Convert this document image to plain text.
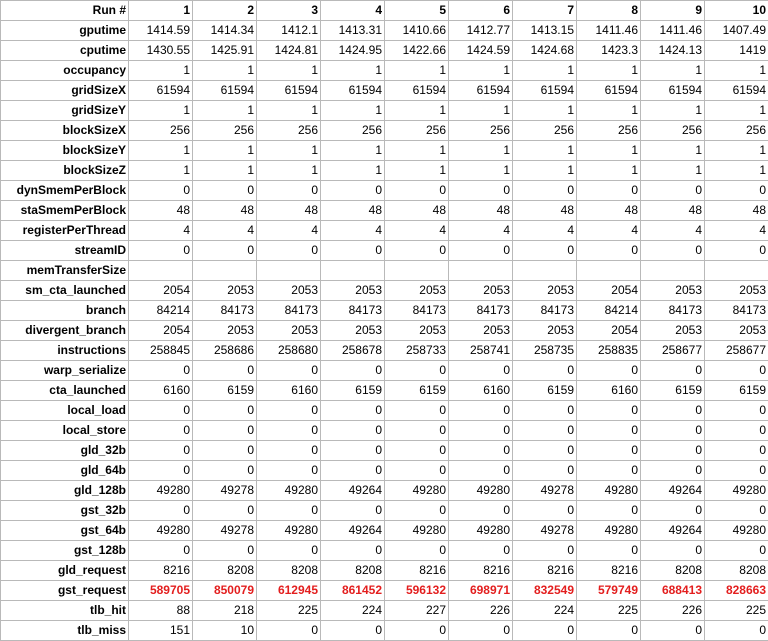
Run #	1	2	3	4	5	6	7	8	9	10
gputime	1414.59	1414.34	1412.1	1413.31	1410.66	1412.77	1413.15	1411.46	1411.46	1407.49
cputime	1430.55	1425.91	1424.81	1424.95	1422.66	1424.59	1424.68	1423.3	1424.13	1419
occupancy	1	1	1	1	1	1	1	1	1	1
gridSizeX	61594	61594	61594	61594	61594	61594	61594	61594	61594	61594
gridSizeY	1	1	1	1	1	1	1	1	1	1
blockSizeX	256	256	256	256	256	256	256	256	256	256
blockSizeY	1	1	1	1	1	1	1	1	1	1
blockSizeZ	1	1	1	1	1	1	1	1	1	1
dynSmemPerBlock	0	0	0	0	0	0	0	0	0	0
staSmemPerBlock	48	48	48	48	48	48	48	48	48	48
registerPerThread	4	4	4	4	4	4	4	4	4	4
streamID	0	0	0	0	0	0	0	0	0	0
memTransferSize										
sm_cta_launched	2054	2053	2053	2053	2053	2053	2053	2054	2053	2053
branch	84214	84173	84173	84173	84173	84173	84173	84214	84173	84173
divergent_branch	2054	2053	2053	2053	2053	2053	2053	2054	2053	2053
instructions	258845	258686	258680	258678	258733	258741	258735	258835	258677	258677
warp_serialize	0	0	0	0	0	0	0	0	0	0
cta_launched	6160	6159	6160	6159	6159	6160	6159	6160	6159	6159
local_load	0	0	0	0	0	0	0	0	0	0
local_store	0	0	0	0	0	0	0	0	0	0
gld_32b	0	0	0	0	0	0	0	0	0	0
gld_64b	0	0	0	0	0	0	0	0	0	0
gld_128b	49280	49278	49280	49264	49280	49280	49278	49280	49264	49280
gst_32b	0	0	0	0	0	0	0	0	0	0
gst_64b	49280	49278	49280	49264	49280	49280	49278	49280	49264	49280
gst_128b	0	0	0	0	0	0	0	0	0	0
gld_request	8216	8208	8208	8208	8216	8216	8216	8216	8208	8208
gst_request	589705	850079	612945	861452	596132	698971	832549	579749	688413	828663
tlb_hit	88	218	225	224	227	226	224	225	226	225
tlb_miss	151	10	0	0	0	0	0	0	0	0
